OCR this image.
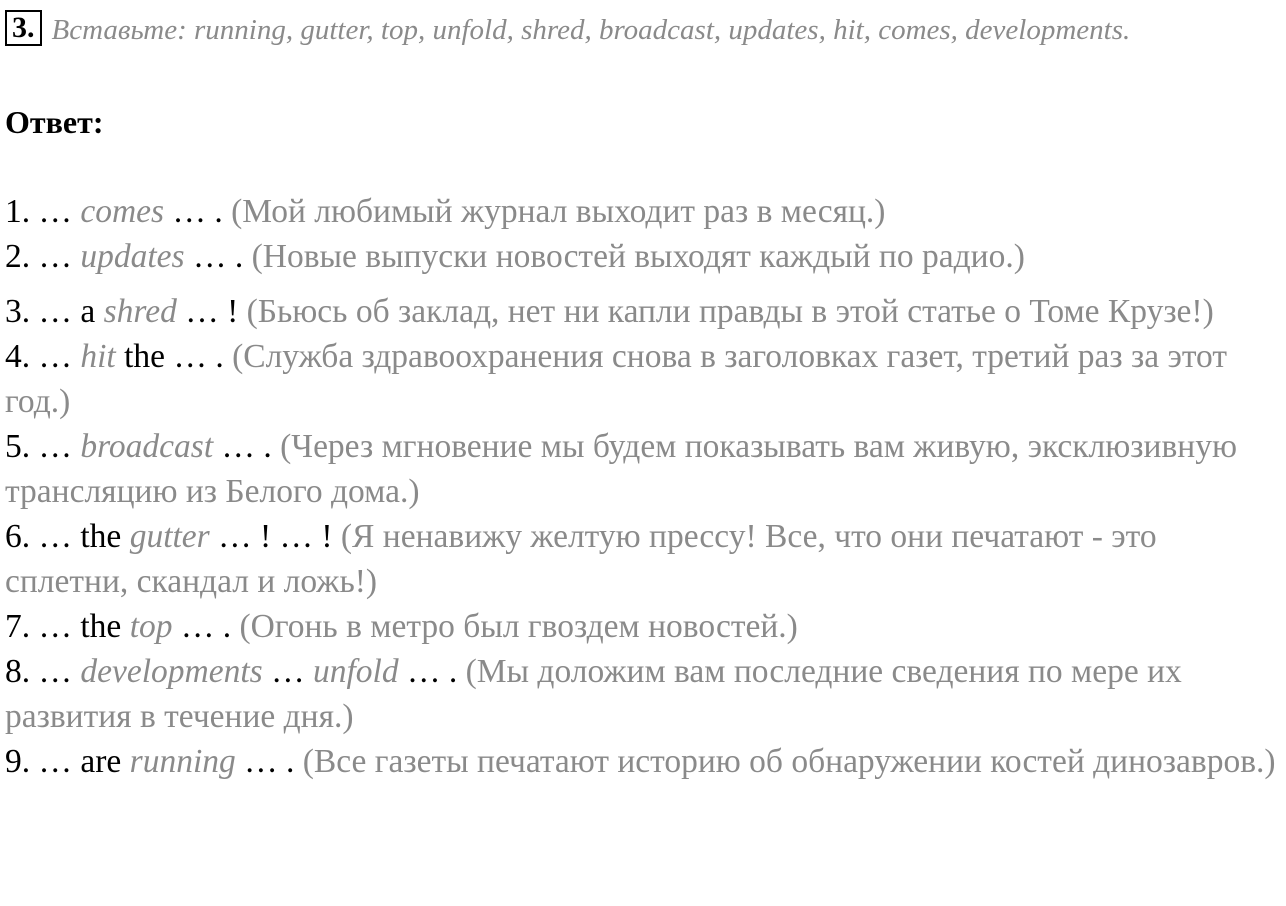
3. Вставьте: running, gutter, top, unfold, shred, broadcast, updates, hit, comes, developments.
Ответ:
1. … comes … . (Мой любимый журнал выходит раз в месяц.)
2. … updates … . (Новые выпуски новостей выходят каждый по радио.)
3. … a shred … ! (Бьюсь об заклад, нет ни капли правды в этой статье о Томе Крузе!)
4. … hit the … . (Служба здравоохранения снова в заголовках газет, третий раз за этот год.)
5. … broadcast … . (Через мгновение мы будем показывать вам живую, эксклюзивную трансляцию из Белого дома.)
6. … the gutter … ! … ! (Я ненавижу желтую прессу! Все, что они печатают - это сплетни, скандал и ложь!)
7. … the top … . (Огонь в метро был гвоздем новостей.)
8. … developments … unfold … . (Мы доложим вам последние сведения по мере их развития в течение дня.)
9. … are running … . (Все газеты печатают историю об обнаружении костей динозавров.)
